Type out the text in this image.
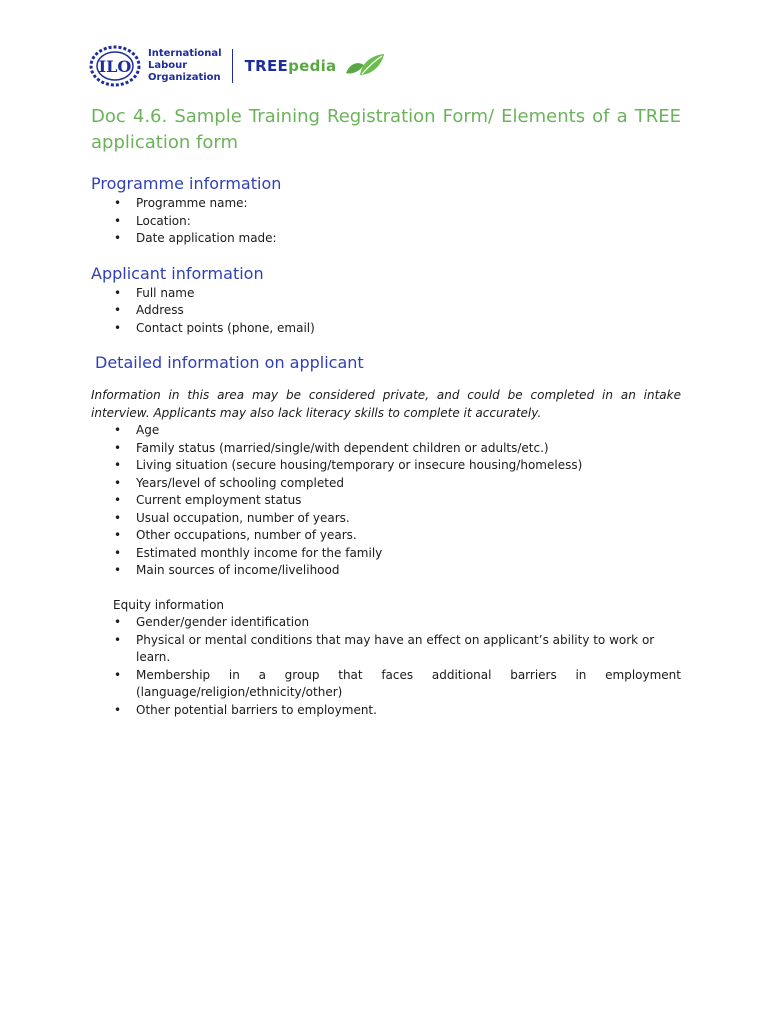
ILO
International
Labour
Organization
TREEpedia
Doc 4.6. Sample Training Registration Form/ Elements of a TREE application form
Programme information
• Programme name:
• Location:
• Date application made:
Applicant information
• Full name
• Address
• Contact points (phone, email)
Detailed information on applicant

Information in this area may be considered private, and could be completed in an intake interview. Applicants may also lack literacy skills to complete it accurately.

• Age
• Family status (married/single/with dependent children or adults/etc.)
• Living situation (secure housing/temporary or insecure housing/homeless)
• Years/level of schooling completed
• Current employment status
• Usual occupation, number of years.
• Other occupations, number of years.
• Estimated monthly income for the family
• Main sources of income/livelihood

Equity information

• Gender/gender identification
• Physical or mental conditions that may have an effect on applicant’s ability to work or learn.
• Membership in a group that faces additional barriers in employment
(language/religion/ethnicity/other)
• Other potential barriers to employment.
